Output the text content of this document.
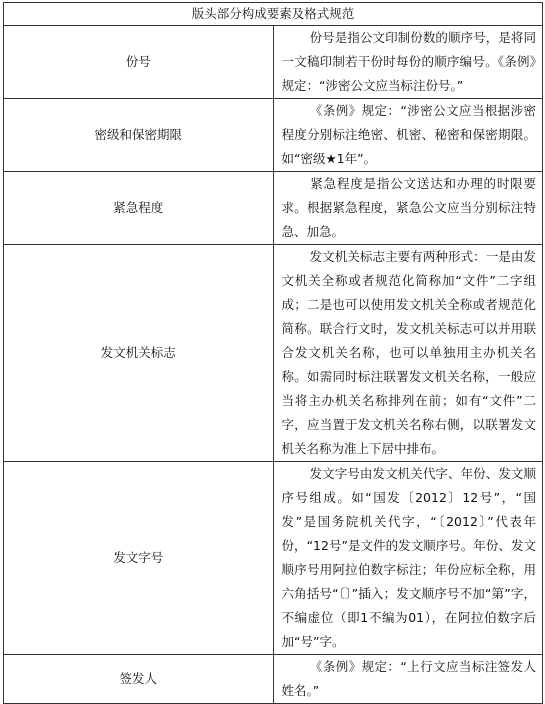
版头部分构成要素及格式规范	
份号	份号是指公文印制份数的顺序号，是将同一文稿印制若干份时每份的顺序编号。《条例》规定：“涉密公文应当标注份号。”
密级和保密期限	《条例》规定：“涉密公文应当根据涉密程度分别标注绝密、机密、秘密和保密期限。如“密级★1年”。
紧急程度	紧急程度是指公文送达和办理的时限要求。根据紧急程度，紧急公文应当分别标注特急、加急。
发文机关标志	发文机关标志主要有两种形式：一是由发文机关全称或者规范化简称加“文件”二字组成；二是也可以使用发文机关全称或者规范化简称。联合行文时，发文机关标志可以并用联合发文机关名称，也可以单独用主办机关名称。如需同时标注联署发文机关名称，一般应当将主办机关名称排列在前；如有“文件”二字，应当置于发文机关名称右侧，以联署发文机关名称为准上下居中排布。
发文字号	发文字号由发文机关代字、年份、发文顺序号组成。如“国发〔2012〕12号”，“国发”是国务院机关代字，“〔2012〕”代表年份，“12号”是文件的发文顺序号。年份、发文顺序号用阿拉伯数字标注；年份应标全称，用六角括号“〔〕”插入；发文顺序号不加“第”字，不编虚位（即1不编为01），在阿拉伯数字后加“号”字。
签发人	《条例》规定：“上行文应当标注签发人姓名。”
